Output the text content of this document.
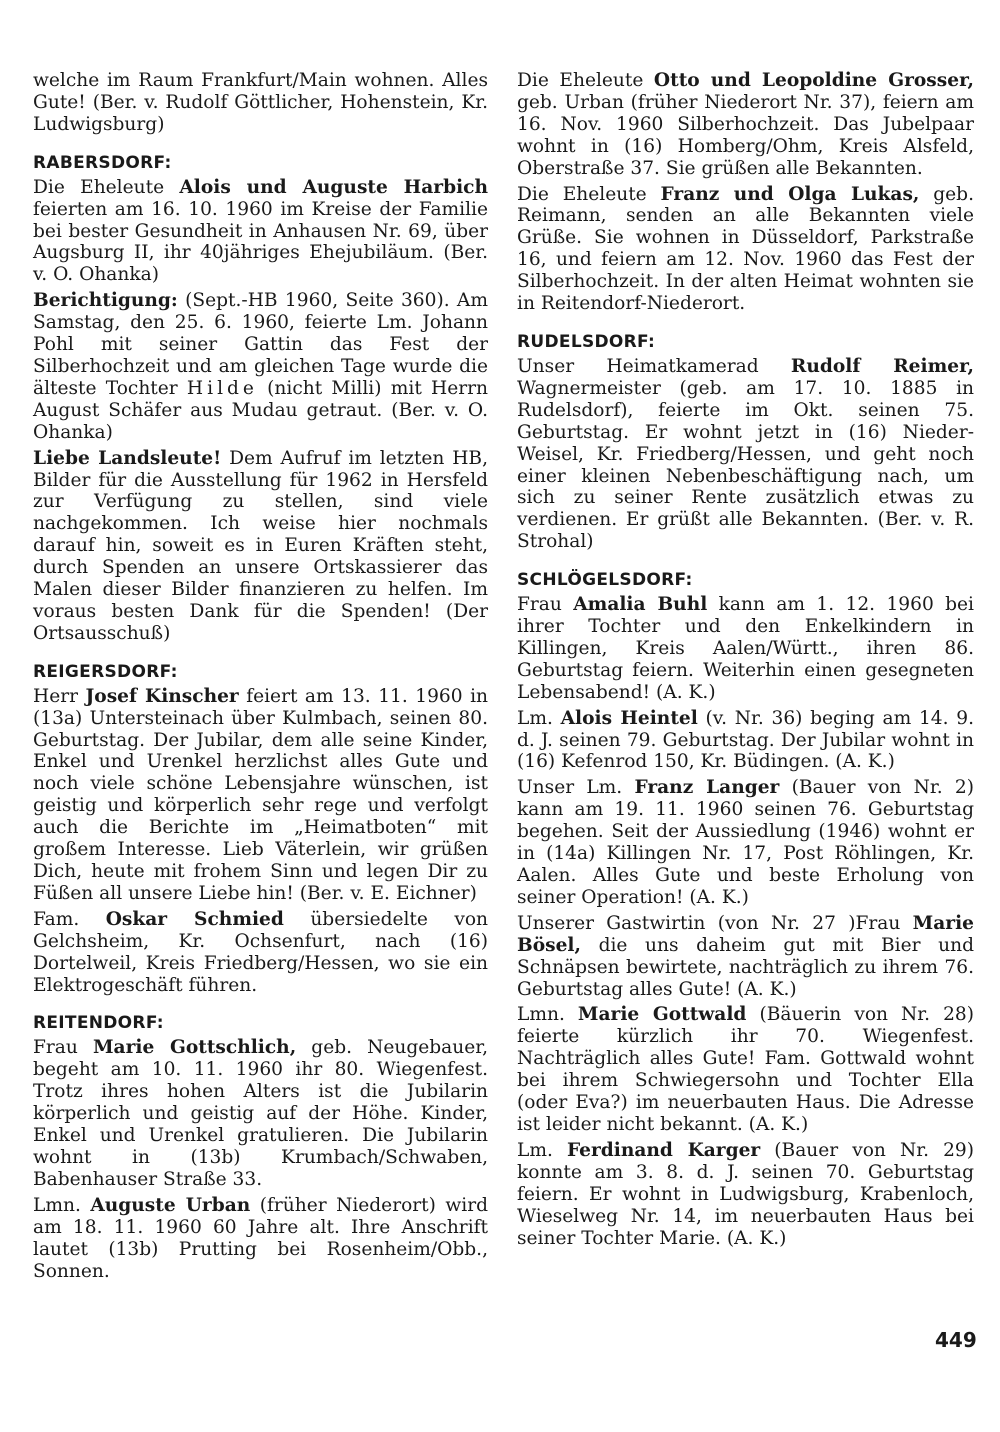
welche im Raum Frankfurt/Main wohnen. Alles Gute! (Ber. v. Rudolf Göttlicher, Hohenstein, Kr. Ludwigsburg)

RABERSDORF:

Die Eheleute Alois und Auguste Harbich feierten am 16. 10. 1960 im Kreise der Familie bei bester Gesundheit in Anhausen Nr. 69, über Augsburg II, ihr 40jähriges Ehejubiläum. (Ber. v. O. Ohanka)

Berichtigung: (Sept.-HB 1960, Seite 360). Am Samstag, den 25. 6. 1960, feierte Lm. Johann Pohl mit seiner Gattin das Fest der Silberhochzeit und am gleichen Tage wurde die älteste Tochter Hilde (nicht Milli) mit Herrn August Schäfer aus Mudau getraut. (Ber. v. O. Ohanka)

Liebe Landsleute! Dem Aufruf im letzten HB, Bilder für die Ausstellung für 1962 in Hersfeld zur Verfügung zu stellen, sind viele nachgekommen. Ich weise hier nochmals darauf hin, soweit es in Euren Kräften steht, durch Spenden an unsere Ortskassierer das Malen dieser Bilder finanzieren zu helfen. Im voraus besten Dank für die Spenden! (Der Ortsausschuß)

REIGERSDORF:

Herr Josef Kinscher feiert am 13. 11. 1960 in (13a) Untersteinach über Kulmbach, seinen 80. Geburtstag. Der Jubilar, dem alle seine Kinder, Enkel und Urenkel herzlichst alles Gute und noch viele schöne Lebensjahre wünschen, ist geistig und körperlich sehr rege und verfolgt auch die Berichte im „Heimatboten“ mit großem Interesse. Lieb Väterlein, wir grüßen Dich, heute mit frohem Sinn und legen Dir zu Füßen all unsere Liebe hin! (Ber. v. E. Eichner)

Fam. Oskar Schmied übersiedelte von Gelchsheim, Kr. Ochsenfurt, nach (16) Dortelweil, Kreis Friedberg/Hessen, wo sie ein Elektrogeschäft führen.

REITENDORF:

Frau Marie Gottschlich, geb. Neugebauer, begeht am 10. 11. 1960 ihr 80. Wiegenfest. Trotz ihres hohen Alters ist die Jubilarin körperlich und geistig auf der Höhe. Kinder, Enkel und Urenkel gratulieren. Die Jubilarin wohnt in (13b) Krumbach/Schwaben, Babenhauser Straße 33.

Lmn. Auguste Urban (früher Niederort) wird am 18. 11. 1960 60 Jahre alt. Ihre Anschrift lautet (13b) Prutting bei Rosenheim/Obb., Sonnen.

Die Eheleute Otto und Leopoldine Grosser, geb. Urban (früher Niederort Nr. 37), feiern am 16. Nov. 1960 Silberhochzeit. Das Jubelpaar wohnt in (16) Homberg/Ohm, Kreis Alsfeld, Oberstraße 37. Sie grüßen alle Bekannten.

Die Eheleute Franz und Olga Lukas, geb. Reimann, senden an alle Bekannten viele Grüße. Sie wohnen in Düsseldorf, Parkstraße 16, und feiern am 12. Nov. 1960 das Fest der Silberhochzeit. In der alten Heimat wohnten sie in Reitendorf-Niederort.

RUDELSDORF:

Unser Heimatkamerad Rudolf Reimer, Wagnermeister (geb. am 17. 10. 1885 in Rudelsdorf), feierte im Okt. seinen 75. Geburtstag. Er wohnt jetzt in (16) Nieder-Weisel, Kr. Friedberg/Hessen, und geht noch einer kleinen Nebenbeschäftigung nach, um sich zu seiner Rente zusätzlich etwas zu verdienen. Er grüßt alle Bekannten. (Ber. v. R. Strohal)

SCHLÖGELSDORF:

Frau Amalia Buhl kann am 1. 12. 1960 bei ihrer Tochter und den Enkelkindern in Killingen, Kreis Aalen/Württ., ihren 86. Geburtstag feiern. Weiterhin einen gesegneten Lebensabend! (A. K.)

Lm. Alois Heintel (v. Nr. 36) beging am 14. 9. d. J. seinen 79. Geburtstag. Der Jubilar wohnt in (16) Kefenrod 150, Kr. Büdingen. (A. K.)

Unser Lm. Franz Langer (Bauer von Nr. 2) kann am 19. 11. 1960 seinen 76. Geburtstag begehen. Seit der Aussiedlung (1946) wohnt er in (14a) Killingen Nr. 17, Post Röhlingen, Kr. Aalen. Alles Gute und beste Erholung von seiner Operation! (A. K.)

Unserer Gastwirtin (von Nr. 27 )Frau Marie Bösel, die uns daheim gut mit Bier und Schnäpsen bewirtete, nachträglich zu ihrem 76. Geburtstag alles Gute! (A. K.)

Lmn. Marie Gottwald (Bäuerin von Nr. 28) feierte kürzlich ihr 70. Wiegenfest. Nachträglich alles Gute! Fam. Gottwald wohnt bei ihrem Schwiegersohn und Tochter Ella (oder Eva?) im neuerbauten Haus. Die Adresse ist leider nicht bekannt. (A. K.)

Lm. Ferdinand Karger (Bauer von Nr. 29) konnte am 3. 8. d. J. seinen 70. Geburtstag feiern. Er wohnt in Ludwigsburg, Krabenloch, Wieselweg Nr. 14, im neuerbauten Haus bei seiner Tochter Marie. (A. K.)

449
